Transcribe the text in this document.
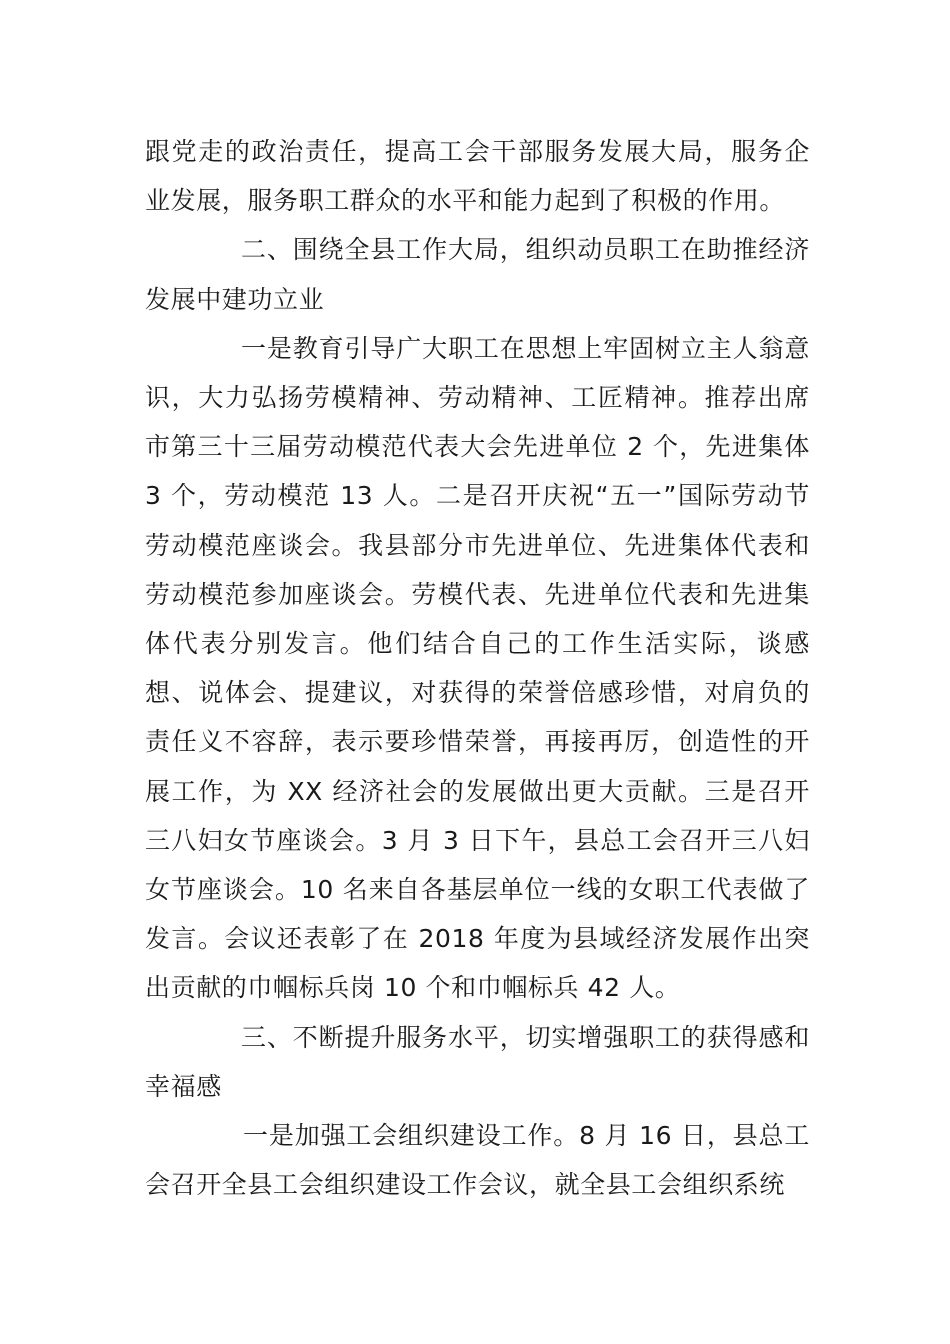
跟党走的政治责任，提高工会干部服务发展大局，服务企业发展，服务职工群众的水平和能力起到了积极的作用。

二、围绕全县工作大局，组织动员职工在助推经济发展中建功立业

一是教育引导广大职工在思想上牢固树立主人翁意识，大力弘扬劳模精神、劳动精神、工匠精神。推荐出席市第三十三届劳动模范代表大会先进单位 2 个，先进集体 3 个，劳动模范 13 人。二是召开庆祝“五一”国际劳动节劳动模范座谈会。我县部分市先进单位、先进集体代表和劳动模范参加座谈会。劳模代表、先进单位代表和先进集体代表分别发言。他们结合自己的工作生活实际，谈感想、说体会、提建议，对获得的荣誉倍感珍惜，对肩负的责任义不容辞，表示要珍惜荣誉，再接再厉，创造性的开展工作，为 XX 经济社会的发展做出更大贡献。三是召开三八妇女节座谈会。3 月 3 日下午，县总工会召开三八妇女节座谈会。10 名来自各基层单位一线的女职工代表做了发言。会议还表彰了在 2018 年度为县域经济发展作出突出贡献的巾帼标兵岗 10 个和巾帼标兵 42 人。

三、不断提升服务水平，切实增强职工的获得感和幸福感

一是加强工会组织建设工作。8 月 16 日，县总工会召开全县工会组织建设工作会议，就全县工会组织系统
